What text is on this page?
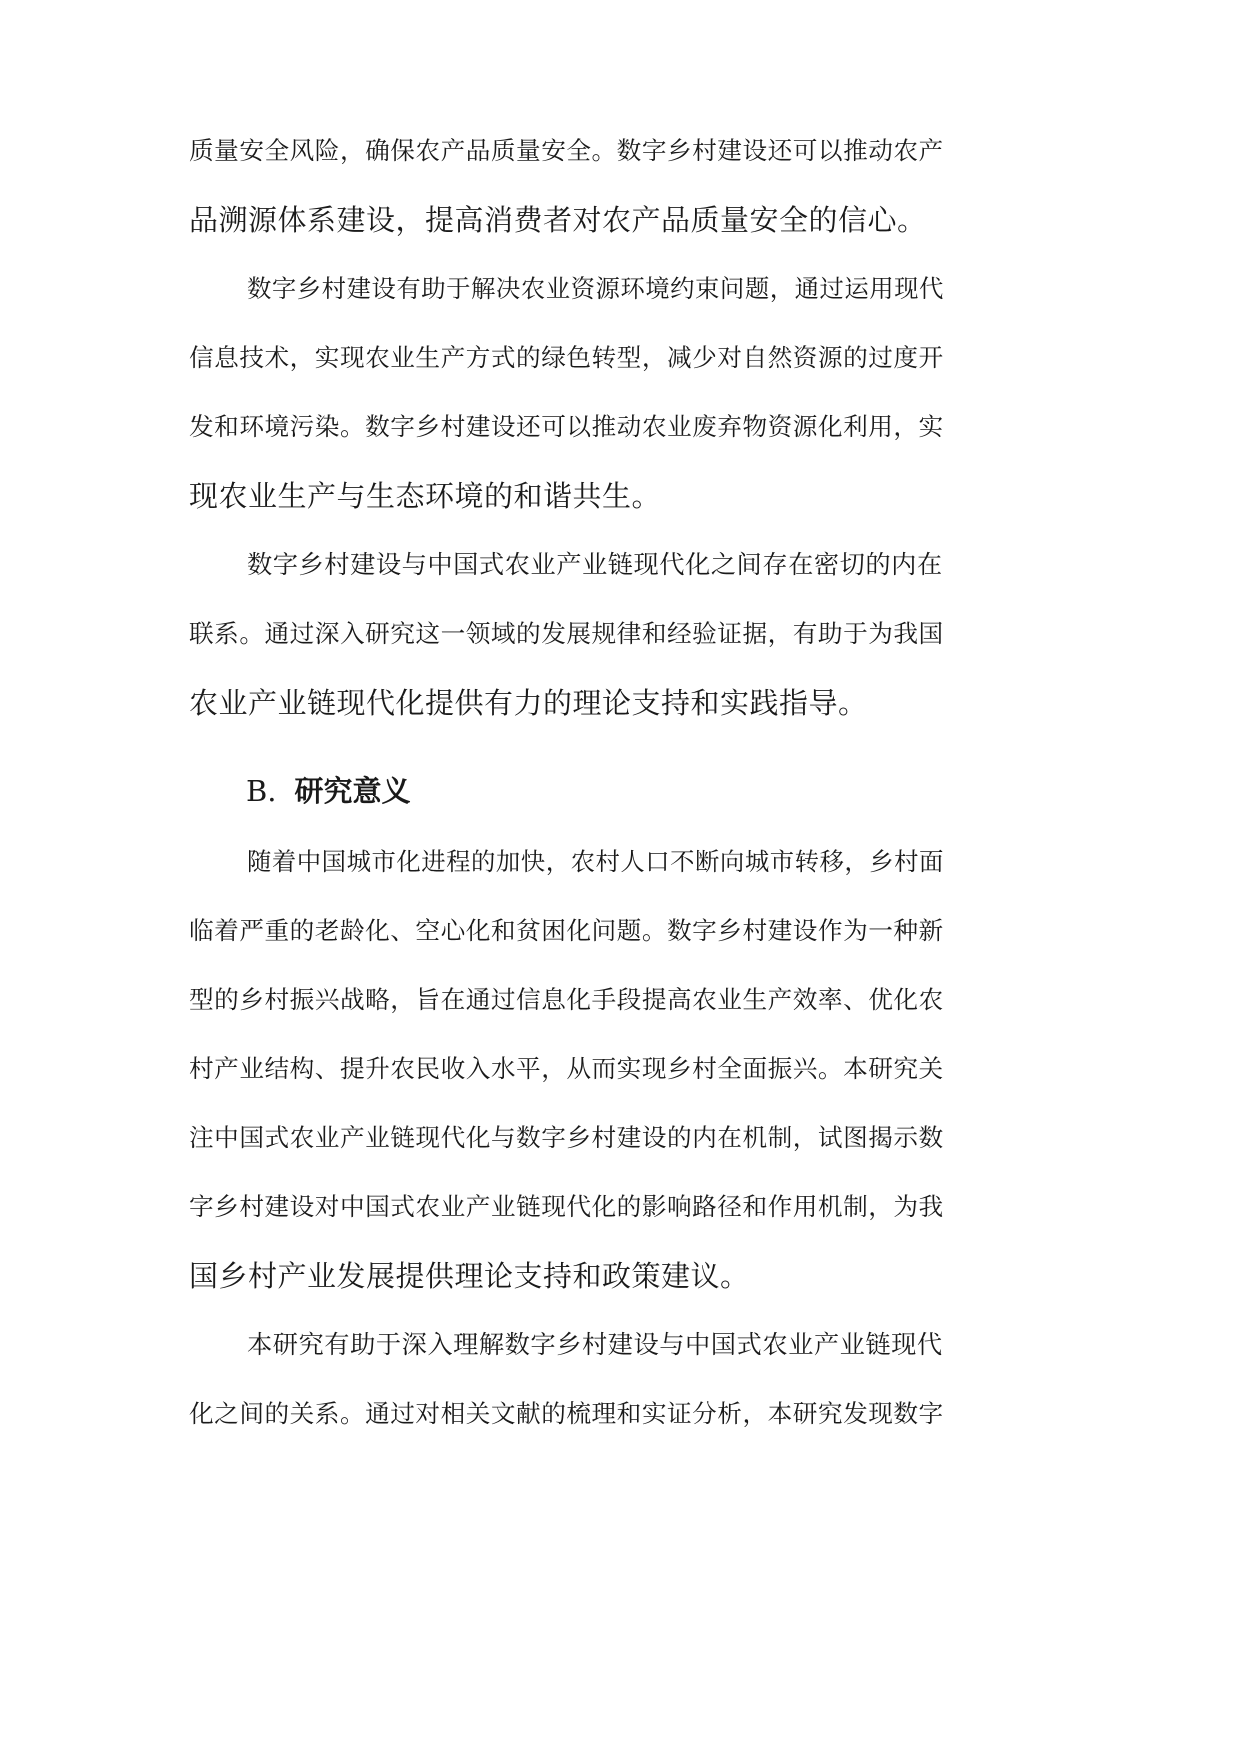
质量安全风险，确保农产品质量安全。数字乡村建设还可以推动农产
品溯源体系建设，提高消费者对农产品质量安全的信心。
数字乡村建设有助于解决农业资源环境约束问题，通过运用现代
信息技术，实现农业生产方式的绿色转型，减少对自然资源的过度开
发和环境污染。数字乡村建设还可以推动农业废弃物资源化利用，实
现农业生产与生态环境的和谐共生。
数字乡村建设与中国式农业产业链现代化之间存在密切的内在
联系。通过深入研究这一领域的发展规律和经验证据，有助于为我国
农业产业链现代化提供有力的理论支持和实践指导。
B. 研究意义
随着中国城市化进程的加快，农村人口不断向城市转移，乡村面
临着严重的老龄化、空心化和贫困化问题。数字乡村建设作为一种新
型的乡村振兴战略，旨在通过信息化手段提高农业生产效率、优化农
村产业结构、提升农民收入水平，从而实现乡村全面振兴。本研究关
注中国式农业产业链现代化与数字乡村建设的内在机制，试图揭示数
字乡村建设对中国式农业产业链现代化的影响路径和作用机制，为我
国乡村产业发展提供理论支持和政策建议。
本研究有助于深入理解数字乡村建设与中国式农业产业链现代
化之间的关系。通过对相关文献的梳理和实证分析，本研究发现数字
